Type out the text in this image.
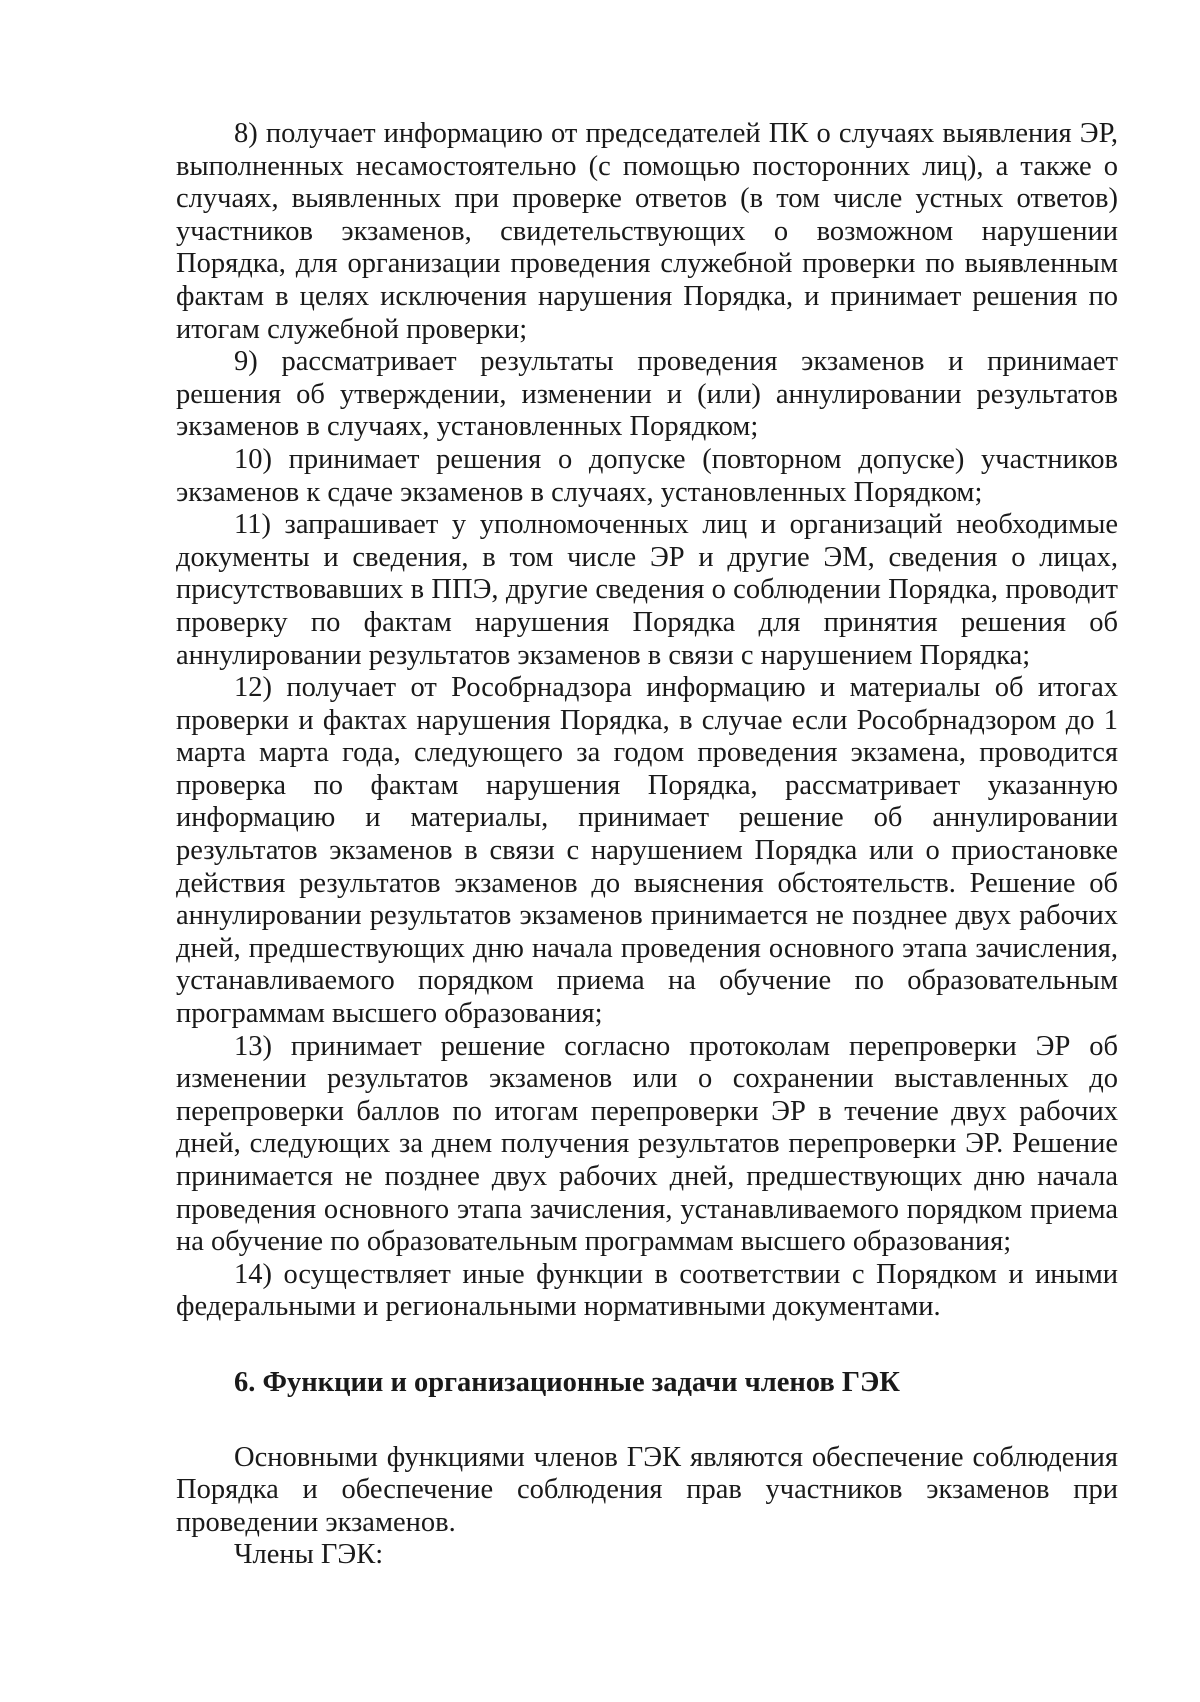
8) получает информацию от председателей ПК о случаях выявления ЭР, выполненных несамостоятельно (с помощью посторонних лиц), а также о случаях, выявленных при проверке ответов (в том числе устных ответов) участников экзаменов, свидетельствующих о возможном нарушении Порядка, для организации проведения служебной проверки по выявленным фактам в целях исключения нарушения Порядка, и принимает решения по итогам служебной проверки;

9) рассматривает результаты проведения экзаменов и принимает решения об утверждении, изменении и (или) аннулировании результатов экзаменов в случаях, установленных Порядком;

10) принимает решения о допуске (повторном допуске) участников экзаменов к сдаче экзаменов в случаях, установленных Порядком;

11) запрашивает у уполномоченных лиц и организаций необходимые документы и сведения, в том числе ЭР и другие ЭМ, сведения о лицах, присутствовавших в ППЭ, другие сведения о соблюдении Порядка, проводит проверку по фактам нарушения Порядка для принятия решения об аннулировании результатов экзаменов в связи с нарушением Порядка;

12) получает от Рособрнадзора информацию и материалы об итогах проверки и фактах нарушения Порядка, в случае если Рособрнадзором до 1 марта марта года, следующего за годом проведения экзамена, проводится проверка по фактам нарушения Порядка, рассматривает указанную информацию и материалы, принимает решение об аннулировании результатов экзаменов в связи с нарушением Порядка или о приостановке действия результатов экзаменов до выяснения обстоятельств. Решение об аннулировании результатов экзаменов принимается не позднее двух рабочих дней, предшествующих дню начала проведения основного этапа зачисления, устанавливаемого порядком приема на обучение по образовательным программам высшего образования;

13) принимает решение согласно протоколам перепроверки ЭР об изменении результатов экзаменов или о сохранении выставленных до перепроверки баллов по итогам перепроверки ЭР в течение двух рабочих дней, следующих за днем получения результатов перепроверки ЭР. Решение принимается не позднее двух рабочих дней, предшествующих дню начала проведения основного этапа зачисления, устанавливаемого порядком приема на обучение по образовательным программам высшего образования;

14) осуществляет иные функции в соответствии с Порядком и иными федеральными и региональными нормативными документами.

6. Функции и организационные задачи членов ГЭК

Основными функциями членов ГЭК являются обеспечение соблюдения Порядка и обеспечение соблюдения прав участников экзаменов при проведении экзаменов.

Члены ГЭК:
